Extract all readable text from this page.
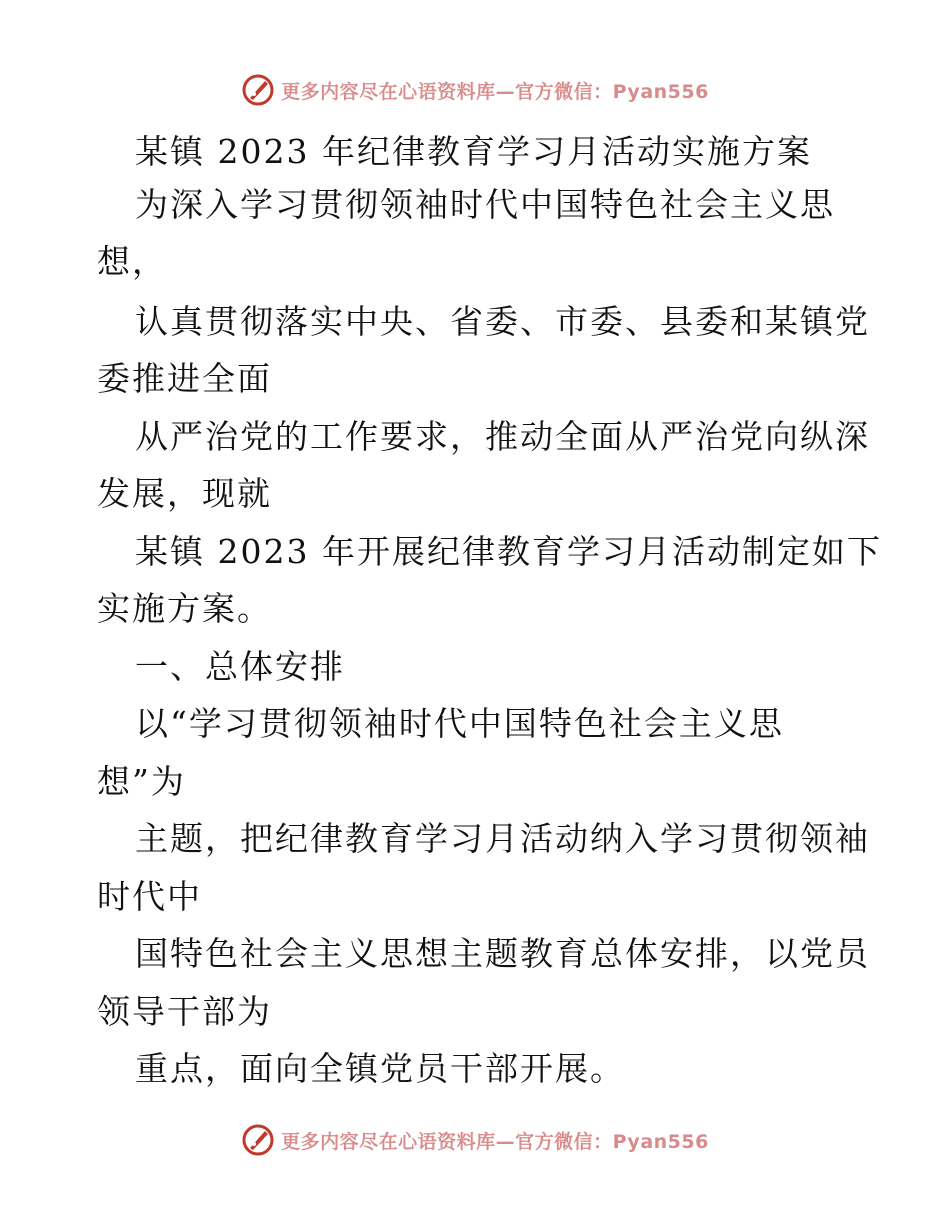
更多内容尽在心语资料库—官方微信：Pyan556
某镇 2023 年纪律教育学习月活动实施方案
为深入学习贯彻领袖时代中国特色社会主义思
想，
认真贯彻落实中央、省委、市委、县委和某镇党
委推进全面
从严治党的工作要求，推动全面从严治党向纵深
发展，现就
某镇 2023 年开展纪律教育学习月活动制定如下
实施方案。
一、总体安排
以“学习贯彻领袖时代中国特色社会主义思
想”为
主题，把纪律教育学习月活动纳入学习贯彻领袖
时代中
国特色社会主义思想主题教育总体安排，以党员
领导干部为
重点，面向全镇党员干部开展。
更多内容尽在心语资料库—官方微信：Pyan556
